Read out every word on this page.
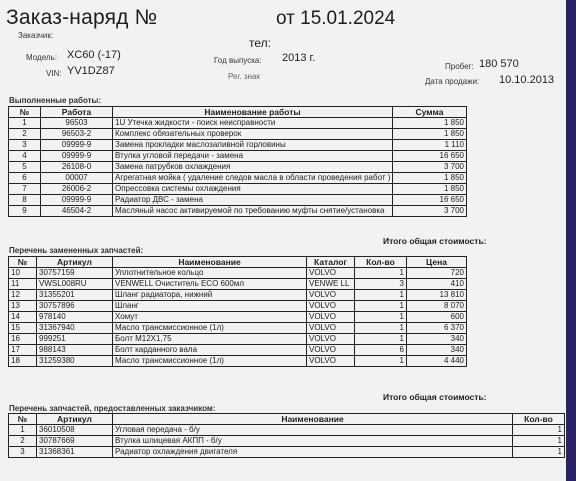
Заказ-наряд №	от 15.01.2024
Заказчик:
тел:
Модель: XC60 (-17)
VIN: YV1DZ87
Год выпуска: 2013 г.
Рег. знак
Пробег: 180 570
Дата продажи: 10.10.2013
Выполненные работы:
№	Работа	Наименование работы	Сумма
1	96503	1U Утечка жидкости - поиск неисправности	1 850
2	96503-2	Комплекс обязательных проверок	1 850
3	09999-9	Замена прокладки маслозаливной горловины	1 110
4	09999-9	Втулка угловой передачи - замена	16 650
5	26108-0	Замена патрубков охлаждения	3 700
6	00007	Агрегатная мойка ( удаление следов масла в области проведения работ )	1 850
7	26006-2	Опрессовка системы охлаждения	1 850
8	09999-9	Радиатор ДВС - замена	16 650
9	46504-2	Масляный насос активируемой по требованию муфты снятие/установка	3 700
Итого общая стоимость:
Перечень замененных запчастей:
№	Артикул	Наименование	Каталог	Кол-во	Цена
10	30757159	Уплотнительное кольцо	VOLVO	1	720
11	VWSL008RU	VENWELL Очиститель ECO 600мл	VENWE LL	3	410
12	31355201	Шланг радиатора, нижний	VOLVO	1	13 810
13	30757896	Шланг	VOLVO	1	8 070
14	978140	Хомут	VOLVO	1	600
15	31367940	Масло трансмиссионное (1л)	VOLVO	1	6 370
16	999251	Болт M12X1,75	VOLVO	1	340
17	988143	Болт карданного вала	VOLVO	6	340
18	31259380	Масло трансмиссионное (1л)	VOLVO	1	4 440
Итого общая стоимость:
Перечень запчастей, предоставленных заказчиком:
№	Артикул	Наименование	Кол-во
1	36010508	Угловая передача - б/у	1
2	30787669	Втулка шлицевая АКПП - б/у	1
3	31368361	Радиатор охлаждения двигателя	1
